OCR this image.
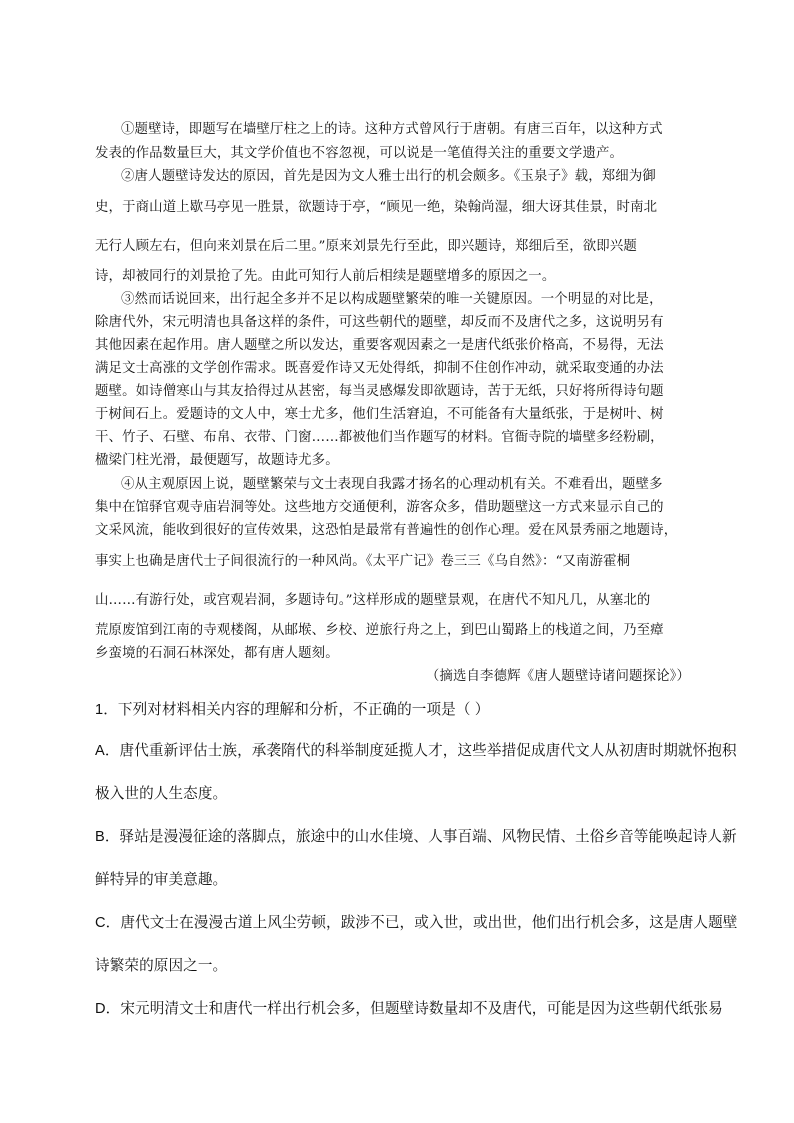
①题壁诗，即题写在墙壁厅柱之上的诗。这种方式曾风行于唐朝。有唐三百年，以这种方式
发表的作品数量巨大，其文学价值也不容忽视，可以说是一笔值得关注的重要文学遗产。
②唐人题壁诗发达的原因，首先是因为文人雅士出行的机会颇多。《玉泉子》载，郑细为御
史，于商山道上歇马亭见一胜景，欲题诗于亭，“顾见一绝，染翰尚湿，细大讶其佳景，时南北
无行人顾左右，但向来刘景在后二里。”原来刘景先行至此，即兴题诗，郑细后至，欲即兴题
诗，却被同行的刘景抢了先。由此可知行人前后相续是题壁增多的原因之一。
③然而话说回来，出行起全多并不足以构成题壁繁荣的唯一关键原因。一个明显的对比是，
除唐代外，宋元明清也具备这样的条件，可这些朝代的题壁，却反而不及唐代之多，这说明另有
其他因素在起作用。唐人题壁之所以发达，重要客观因素之一是唐代纸张价格高，不易得，无法
满足文士高涨的文学创作需求。既喜爱作诗又无处得纸，抑制不住创作冲动，就采取变通的办法
题壁。如诗僧寒山与其友拾得过从甚密，每当灵感爆发即欲题诗，苦于无纸，只好将所得诗句题
于树间石上。爱题诗的文人中，寒士尤多，他们生活窘迫，不可能备有大量纸张，于是树叶、树
干、竹子、石壁、布帛、衣带、门窗……都被他们当作题写的材料。官衙寺院的墙壁多经粉刷，
楹梁门柱光滑，最便题写，故题诗尤多。
④从主观原因上说，题壁繁荣与文士表现自我露才扬名的心理动机有关。不难看出，题壁多
集中在馆驿官观寺庙岩洞等处。这些地方交通便利，游客众多，借助题壁这一方式来显示自己的
文采风流，能收到很好的宣传效果，这恐怕是最常有普遍性的创作心理。爱在风景秀丽之地题诗，
事实上也确是唐代士子间很流行的一种风尚。《太平广记》卷三三《乌自然》：“又南游霍桐
山……有游行处，或宫观岩洞，多题诗句。”这样形成的题壁景观，在唐代不知凡几，从塞北的
荒原废馆到江南的寺观楼阁，从邮堠、乡校、逆旅行舟之上，到巴山蜀路上的栈道之间，乃至瘴
乡蛮境的石洞石林深处，都有唐人题刻。
（摘选自李德辉《唐人题壁诗诸问题探论》）
1．下列对材料相关内容的理解和分析，不正确的一项是（ ）
A．唐代重新评估士族，承袭隋代的科举制度延揽人才，这些举措促成唐代文人从初唐时期就怀抱积
极入世的人生态度。
B．驿站是漫漫征途的落脚点，旅途中的山水佳境、人事百端、风物民情、土俗乡音等能唤起诗人新
鲜特异的审美意趣。
C．唐代文士在漫漫古道上风尘劳顿，跋涉不已，或入世，或出世，他们出行机会多，这是唐人题壁
诗繁荣的原因之一。
D．宋元明清文士和唐代一样出行机会多，但题壁诗数量却不及唐代，可能是因为这些朝代纸张易
